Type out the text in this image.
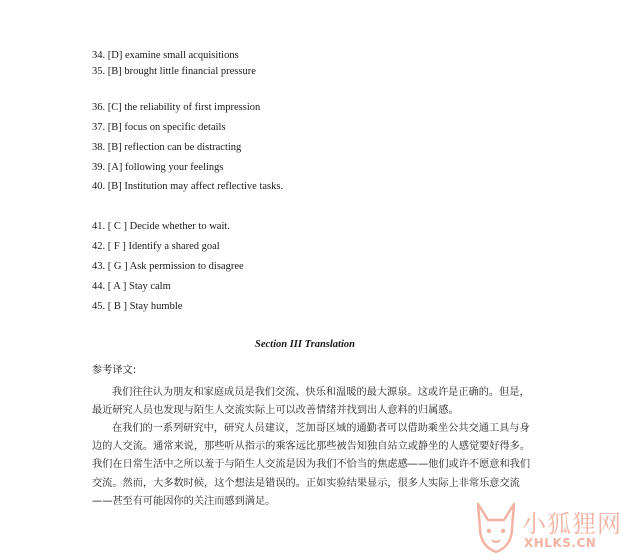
34. [D] examine small acquisitions
35. [B] brought little financial pressure
36. [C] the reliability of first impression
37. [B] focus on specific details
38. [B] reflection can be distracting
39. [A] following your feelings
40. [B] Institution may affect reflective tasks.
41. [ C ] Decide whether to wait.
42. [ F ] Identify a shared goal
43. [ G ] Ask permission to disagree
44. [ A ] Stay calm
45. [ B ] Stay humble
Section III Translation
参考译文:
我们往往认为朋友和家庭成员是我们交流、快乐和温暖的最大源泉。这或许是正确的。但是，最近研究人员也发现与陌生人交流实际上可以改善情绪并找到出人意料的归属感。
在我们的一系列研究中，研究人员建议，芝加哥区域的通勤者可以借助乘坐公共交通工具与身边的人交流。通常来说，那些听从指示的乘客远比那些被告知独自站立或静坐的人感觉要好得多。我们在日常生活中之所以羞于与陌生人交流是因为我们不恰当的焦虑感——他们或许不愿意和我们交流。然而，大多数时候，这个想法是错误的。正如实验结果显示，很多人实际上非常乐意交流——甚至有可能因你的关注而感到满足。
小狐狸网
XHLKS.CN
